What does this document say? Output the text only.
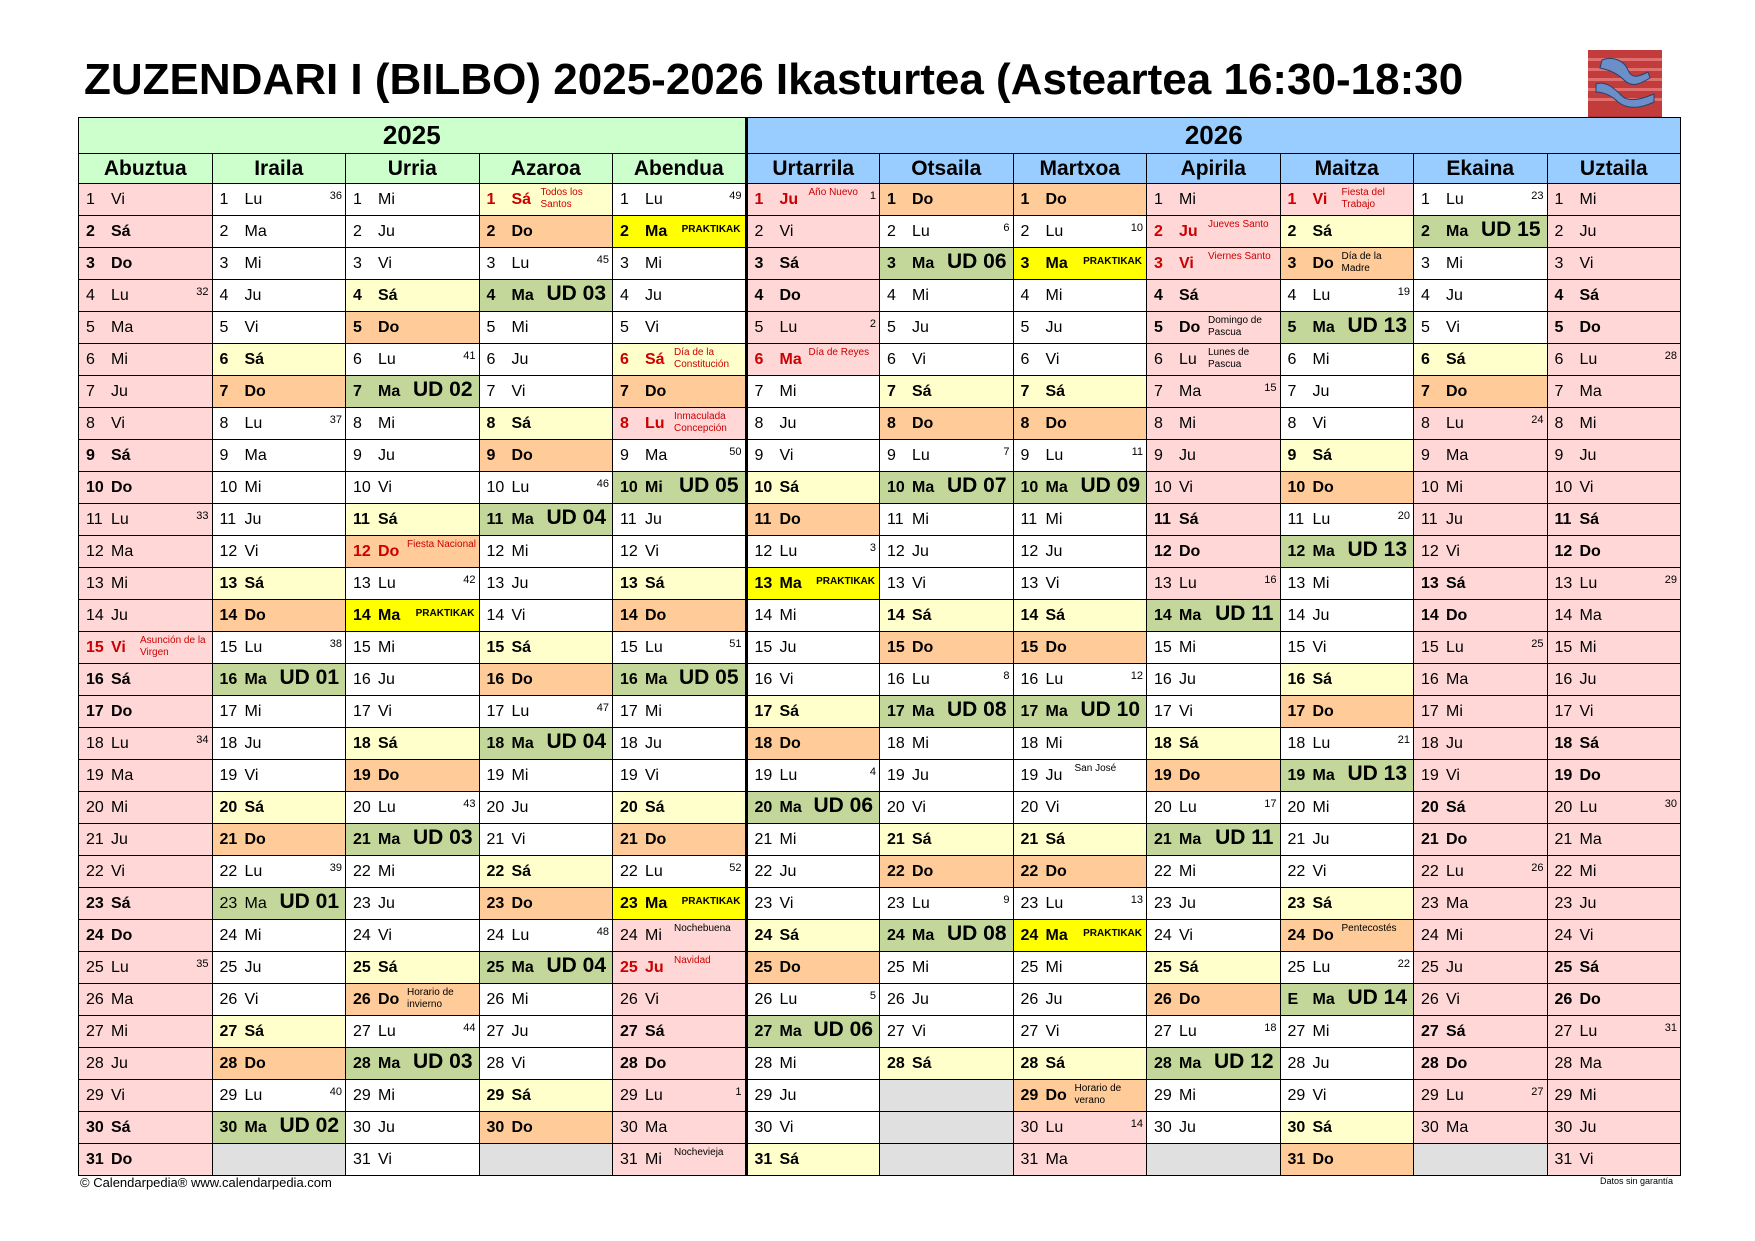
ZUZENDARI I (BILBO) 2025-2026 Ikasturtea (Asteartea 16:30-18:30
2025					2026						
Abuztua	Iraila	Urria	Azaroa	Abendua	Urtarrila	Otsaila	Martxoa	Apirila	Maitza	Ekaina	Uztaila

1 Vi	1 Lu 36	1 Mi	1 Sá Todos los Santos	1 Lu 49	1 Ju Año Nuevo 1	1 Do	1 Do	1 Mi	1 Vi Fiesta del Trabajo	1 Lu 23	1 Mi

2 Sá	2 Ma	2 Ju	2 Do	2 Ma PRAKTIKAK	2 Vi	2 Lu 6	2 Lu 10	2 Ju Jueves Santo	2 Sá	2 Ma UD 15	2 Ju

3 Do	3 Mi	3 Vi	3 Lu 45	3 Mi	3 Sá	3 Ma UD 06	3 Ma PRAKTIKAK	3 Vi Viernes Santo	3 Do Día de la Madre	3 Mi	3 Vi

4 Lu 32	4 Ju	4 Sá	4 Ma UD 03	4 Ju	4 Do	4 Mi	4 Mi	4 Sá	4 Lu 19	4 Ju	4 Sá

5 Ma	5 Vi	5 Do	5 Mi	5 Vi	5 Lu 2	5 Ju	5 Ju	5 Do Domingo de Pascua	5 Ma UD 13	5 Vi	5 Do

6 Mi	6 Sá	6 Lu 41	6 Ju	6 Sá Día de la Constitución	6 Ma Día de Reyes	6 Vi	6 Vi	6 Lu Lunes de Pascua	6 Mi	6 Sá	6 Lu 28

7 Ju	7 Do	7 Ma UD 02	7 Vi	7 Do	7 Mi	7 Sá	7 Sá	7 Ma 15	7 Ju	7 Do	7 Ma

8 Vi	8 Lu 37	8 Mi	8 Sá	8 Lu Inmaculada Concepción	8 Ju	8 Do	8 Do	8 Mi	8 Vi	8 Lu 24	8 Mi

9 Sá	9 Ma	9 Ju	9 Do	9 Ma 50	9 Vi	9 Lu 7	9 Lu 11	9 Ju	9 Sá	9 Ma	9 Ju

10 Do	10 Mi	10 Vi	10 Lu 46	10 Mi UD 05	10 Sá	10 Ma UD 07	10 Ma UD 09	10 Vi	10 Do	10 Mi	10 Vi

11 Lu 33	11 Ju	11 Sá	11 Ma UD 04	11 Ju	11 Do	11 Mi	11 Mi	11 Sá	11 Lu 20	11 Ju	11 Sá

12 Ma	12 Vi	12 Do Fiesta Nacional	12 Mi	12 Vi	12 Lu 3	12 Ju	12 Ju	12 Do	12 Ma UD 13	12 Vi	12 Do

13 Mi	13 Sá	13 Lu 42	13 Ju	13 Sá	13 Ma PRAKTIKAK	13 Vi	13 Vi	13 Lu 16	13 Mi	13 Sá	13 Lu 29

14 Ju	14 Do	14 Ma PRAKTIKAK	14 Vi	14 Do	14 Mi	14 Sá	14 Sá	14 Ma UD 11	14 Ju	14 Do	14 Ma

15 Vi Asunción de la Virgen	15 Lu 38	15 Mi	15 Sá	15 Lu 51	15 Ju	15 Do	15 Do	15 Mi	15 Vi	15 Lu 25	15 Mi

16 Sá	16 Ma UD 01	16 Ju	16 Do	16 Ma UD 05	16 Vi	16 Lu 8	16 Lu 12	16 Ju	16 Sá	16 Ma	16 Ju

17 Do	17 Mi	17 Vi	17 Lu 47	17 Mi	17 Sá	17 Ma UD 08	17 Ma UD 10	17 Vi	17 Do	17 Mi	17 Vi

18 Lu 34	18 Ju	18 Sá	18 Ma UD 04	18 Ju	18 Do	18 Mi	18 Mi	18 Sá	18 Lu 21	18 Ju	18 Sá

19 Ma	19 Vi	19 Do	19 Mi	19 Vi	19 Lu 4	19 Ju	19 Ju San José	19 Do	19 Ma UD 13	19 Vi	19 Do

20 Mi	20 Sá	20 Lu 43	20 Ju	20 Sá	20 Ma UD 06	20 Vi	20 Vi	20 Lu 17	20 Mi	20 Sá	20 Lu 30

21 Ju	21 Do	21 Ma UD 03	21 Vi	21 Do	21 Mi	21 Sá	21 Sá	21 Ma UD 11	21 Ju	21 Do	21 Ma

22 Vi	22 Lu 39	22 Mi	22 Sá	22 Lu 52	22 Ju	22 Do	22 Do	22 Mi	22 Vi	22 Lu 26	22 Mi

23 Sá	23 Ma UD 01	23 Ju	23 Do	23 Ma PRAKTIKAK	23 Vi	23 Lu 9	23 Lu 13	23 Ju	23 Sá	23 Ma	23 Ju

24 Do	24 Mi	24 Vi	24 Lu 48	24 Mi Nochebuena	24 Sá	24 Ma UD 08	24 Ma PRAKTIKAK	24 Vi	24 Do Pentecostés	24 Mi	24 Vi

25 Lu 35	25 Ju	25 Sá	25 Ma UD 04	25 Ju Navidad	25 Do	25 Mi	25 Mi	25 Sá	25 Lu 22	25 Ju	25 Sá

26 Ma	26 Vi	26 Do Horario de invierno	26 Mi	26 Vi	26 Lu 5	26 Ju	26 Ju	26 Do	E Ma UD 14	26 Vi	26 Do

27 Mi	27 Sá	27 Lu 44	27 Ju	27 Sá	27 Ma UD 06	27 Vi	27 Vi	27 Lu 18	27 Mi	27 Sá	27 Lu 31

28 Ju	28 Do	28 Ma UD 03	28 Vi	28 Do	28 Mi	28 Sá	28 Sá	28 Ma UD 12	28 Ju	28 Do	28 Ma

29 Vi	29 Lu 40	29 Mi	29 Sá	29 Lu 1	29 Ju		29 Do Horario de verano	29 Mi	29 Vi	29 Lu 27	29 Mi

30 Sá	30 Ma UD 02	30 Ju	30 Do	30 Ma	30 Vi		30 Lu 14	30 Ju	30 Sá	30 Ma	30 Ju

31 Do		31 Vi		31 Mi Nochevieja	31 Sá		31 Ma		31 Do		31 Vi
© Calendarpedia® www.calendarpedia.com	Datos sin garantía
